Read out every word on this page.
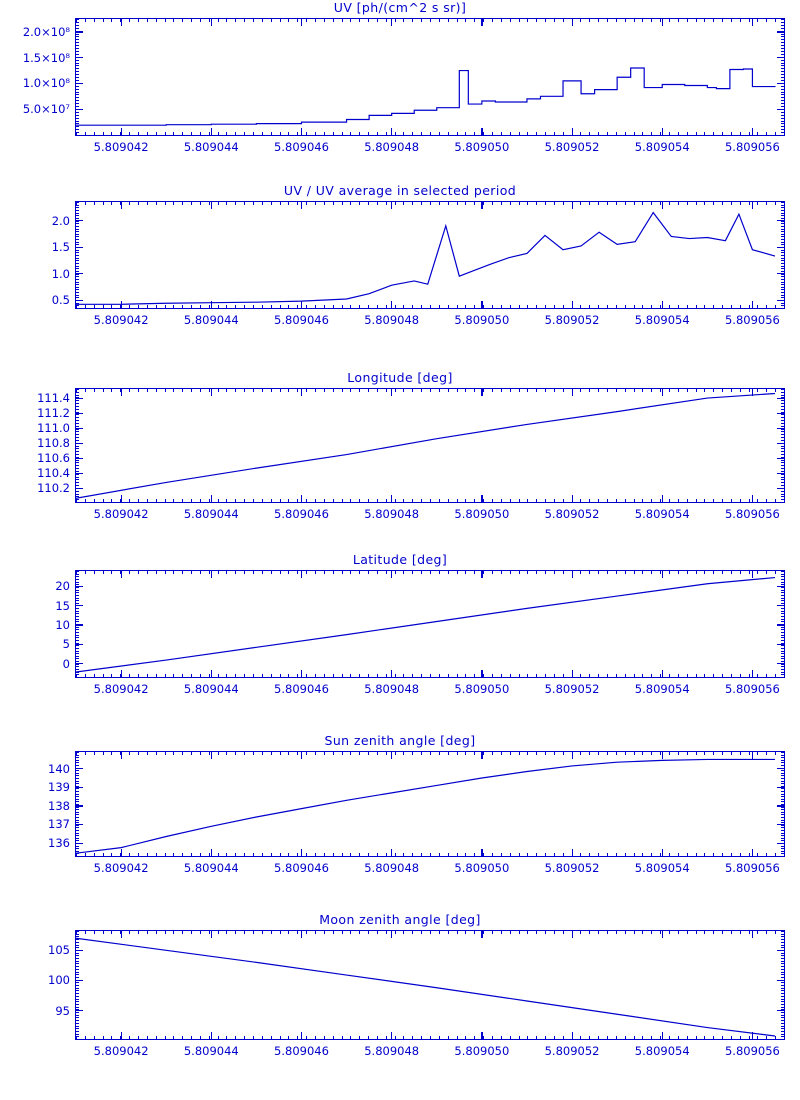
UV [ph/(cm^2 s sr)]
5.0×10⁷
1.0×10⁸
1.5×10⁸
2.0×10⁸
5.809042	5.809044	5.809046	5.809048	5.809050	5.809052	5.809054	5.809056
UV / UV average in selected period
0.5
1.0
1.5
2.0
5.809042	5.809044	5.809046	5.809048	5.809050	5.809052	5.809054	5.809056
Longitude [deg]
110.2
110.4
110.6
110.8
111.0
111.2
111.4
5.809042	5.809044	5.809046	5.809048	5.809050	5.809052	5.809054	5.809056
Latitude [deg]
0
5
10
15
20
5.809042	5.809044	5.809046	5.809048	5.809050	5.809052	5.809054	5.809056
Sun zenith angle [deg]
136
137
138
139
140
5.809042	5.809044	5.809046	5.809048	5.809050	5.809052	5.809054	5.809056
Moon zenith angle [deg]
95
100
105
5.809042	5.809044	5.809046	5.809048	5.809050	5.809052	5.809054	5.809056
